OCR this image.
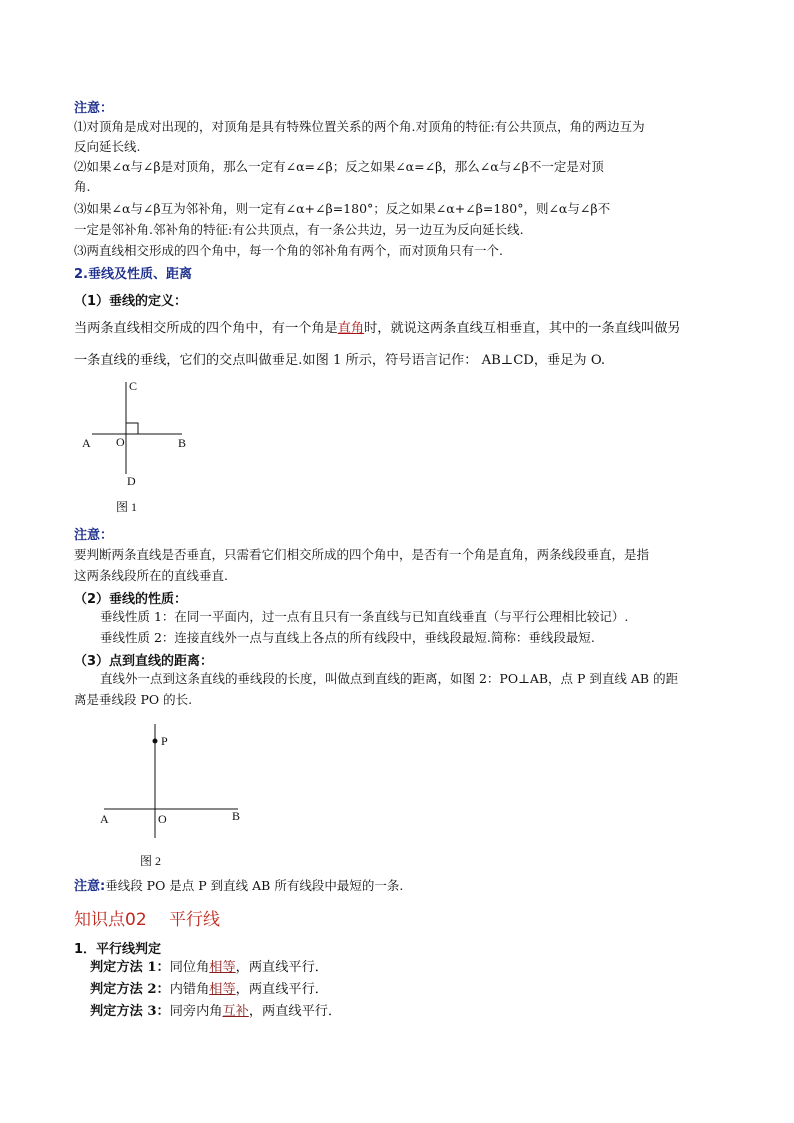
注意：
⑴对顶角是成对出现的，对顶角是具有特殊位置关系的两个角.对顶角的特征:有公共顶点，角的两边互为
反向延长线.
⑵如果∠α与∠β是对顶角，那么一定有∠α=∠β；反之如果∠α=∠β，那么∠α与∠β不一定是对顶
角.
⑶如果∠α与∠β互为邻补角，则一定有∠α+∠β=180°；反之如果∠α+∠β=180°，则∠α与∠β不
一定是邻补角.邻补角的特征:有公共顶点，有一条公共边，另一边互为反向延长线.
⑶两直线相交形成的四个角中，每一个角的邻补角有两个，而对顶角只有一个.
2.垂线及性质、距离
（1）垂线的定义：
当两条直线相交所成的四个角中，有一个角是直角时，就说这两条直线互相垂直，其中的一条直线叫做另
一条直线的垂线，它们的交点叫做垂足.如图 1 所示，符号语言记作： AB⊥CD，垂足为 O.
C
A O	B
D
图 1
注意：
要判断两条直线是否垂直，只需看它们相交所成的四个角中，是否有一个角是直角，两条线段垂直，是指
这两条线段所在的直线垂直.
（2）垂线的性质：
垂线性质 1：在同一平面内，过一点有且只有一条直线与已知直线垂直（与平行公理相比较记）.
垂线性质 2：连接直线外一点与直线上各点的所有线段中，垂线段最短.简称：垂线段最短.
（3）点到直线的距离：
直线外一点到这条直线的垂线段的长度，叫做点到直线的距离，如图 2：PO⊥AB，点 P 到直线 AB 的距
离是垂线段 PO 的长.
P
A	O	B
图 2
注意:垂线段 PO 是点 P 到直线 AB 所有线段中最短的一条.
知识点02　 平行线
1．平行线判定
判定方法 1：同位角相等，两直线平行．
判定方法 2：内错角相等，两直线平行．
判定方法 3：同旁内角互补，两直线平行．
